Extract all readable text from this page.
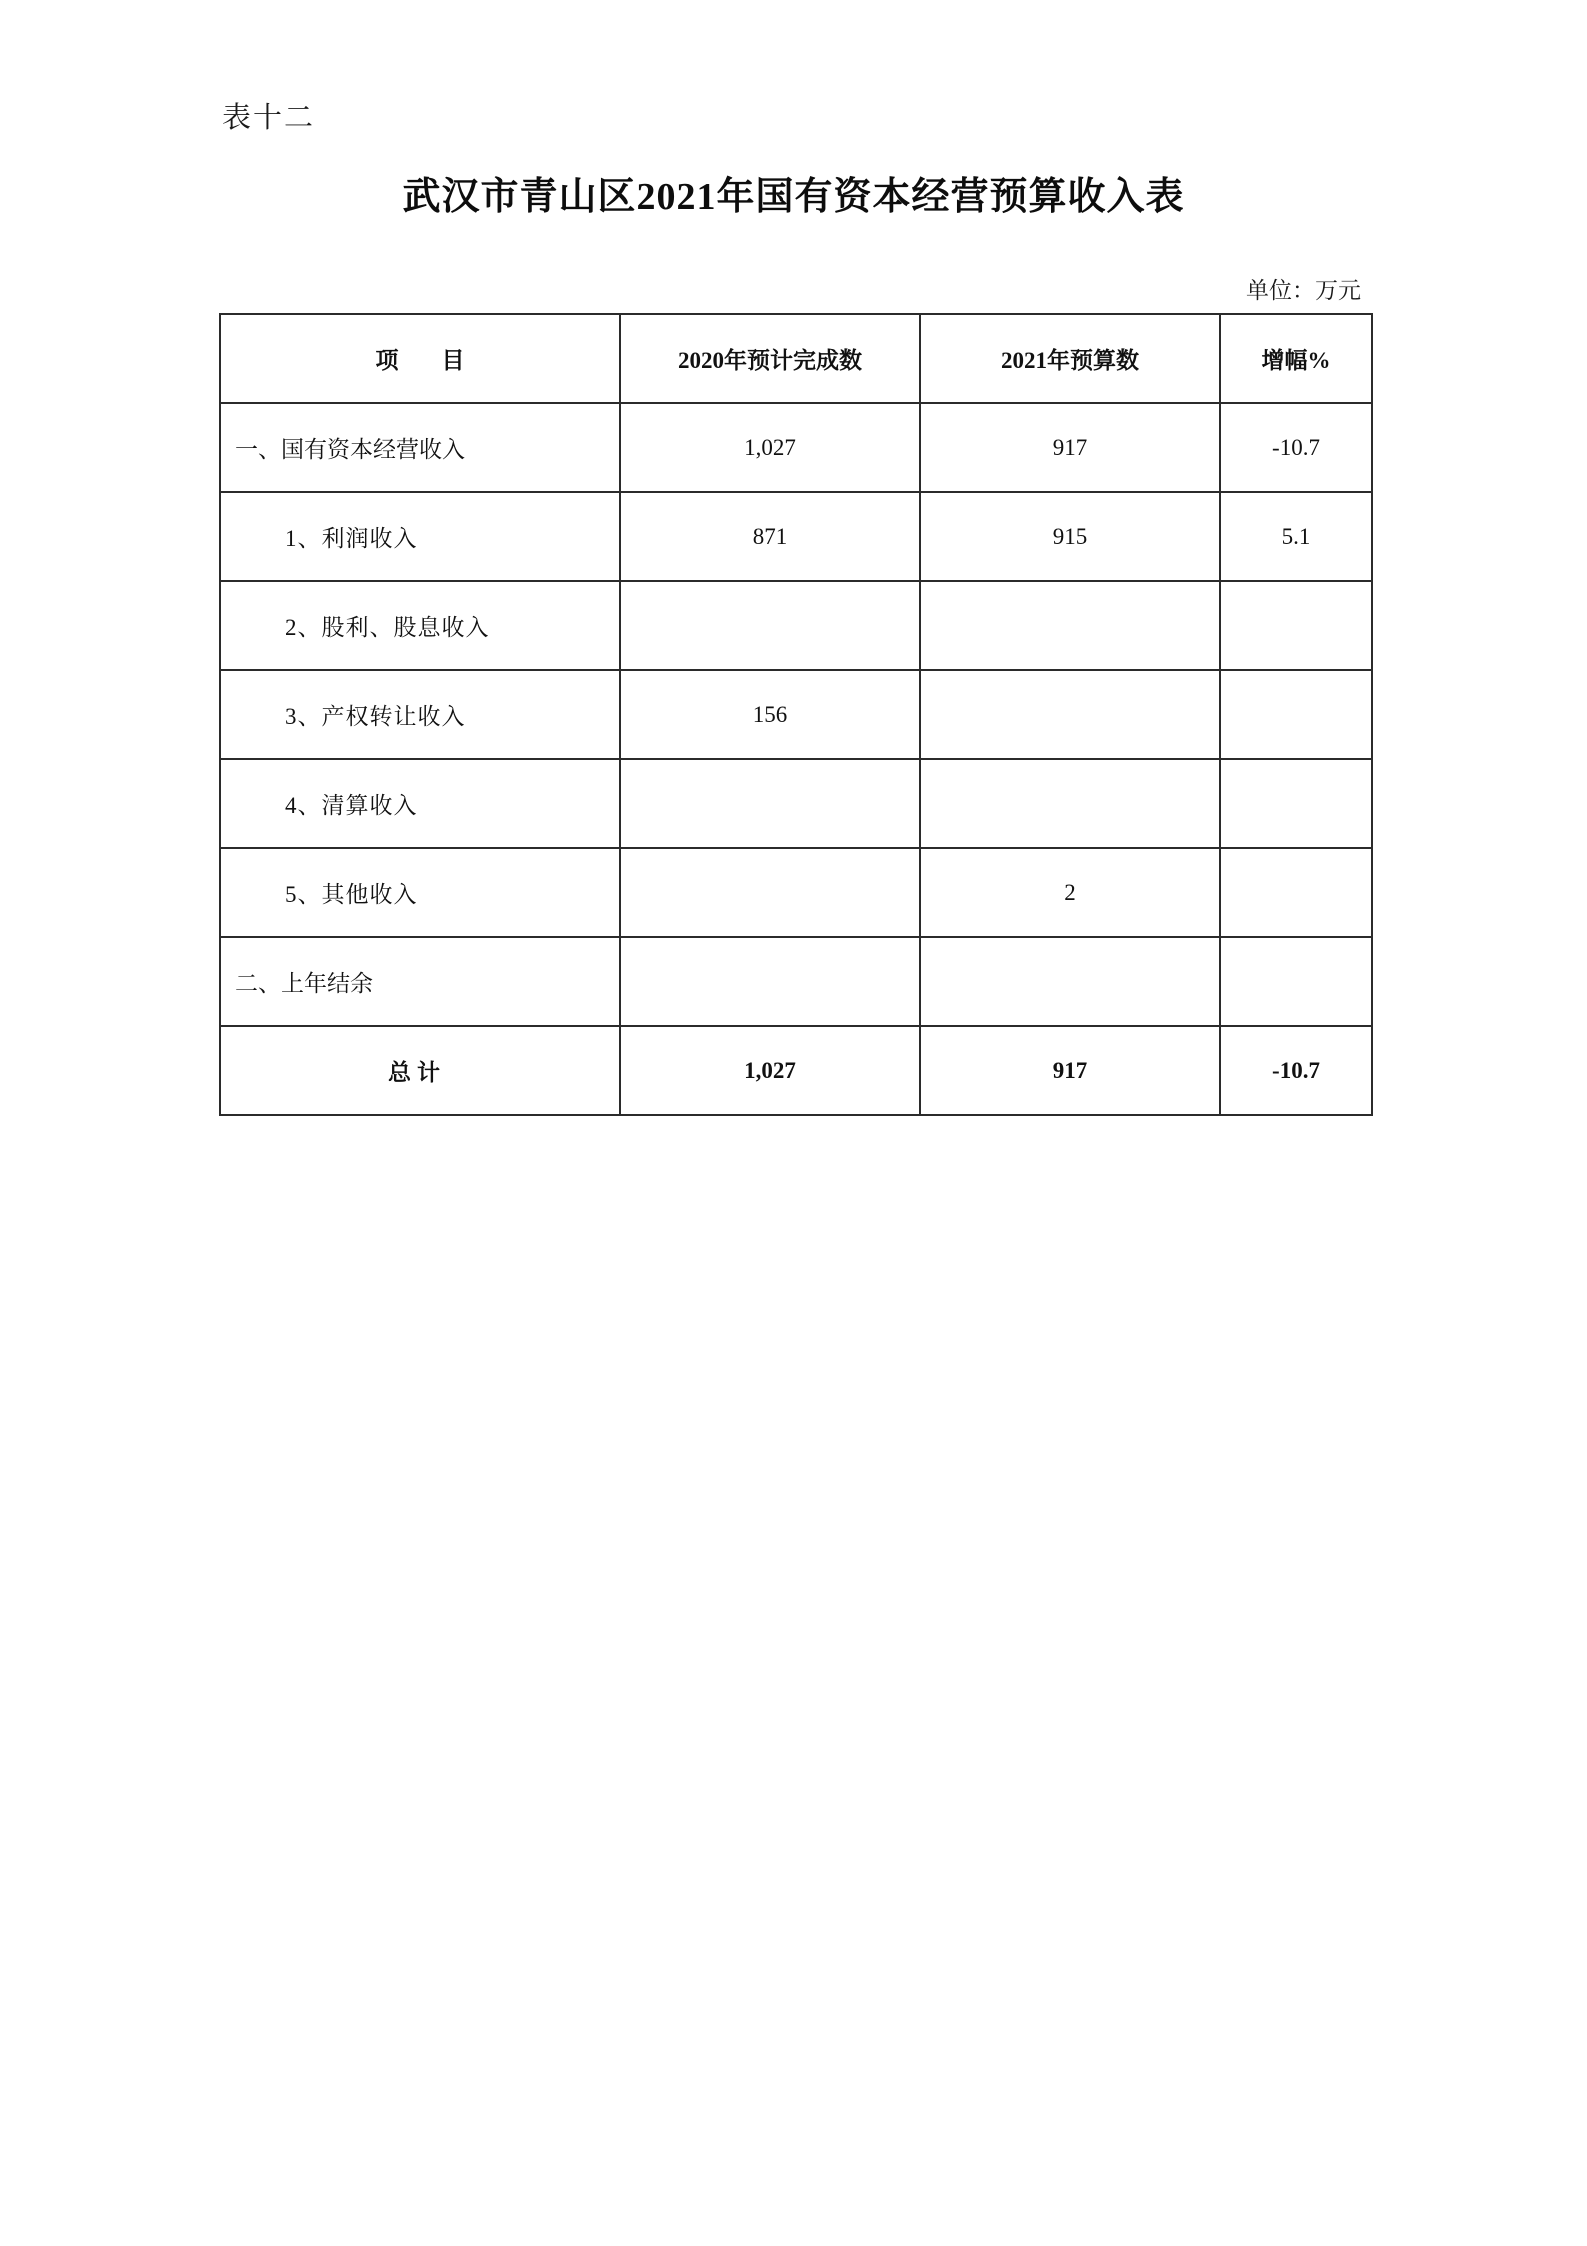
表十二
武汉市青山区2021年国有资本经营预算收入表
单位：万元
项　目	2020年预计完成数	2021年预算数	增幅%
一、国有资本经营收入	1,027	917	-10.7
1、利润收入	871	915	5.1
2、股利、股息收入			
3、产权转让收入	156		
4、清算收入			
5、其他收入		2	
二、上年结余			
总计	1,027	917	-10.7
